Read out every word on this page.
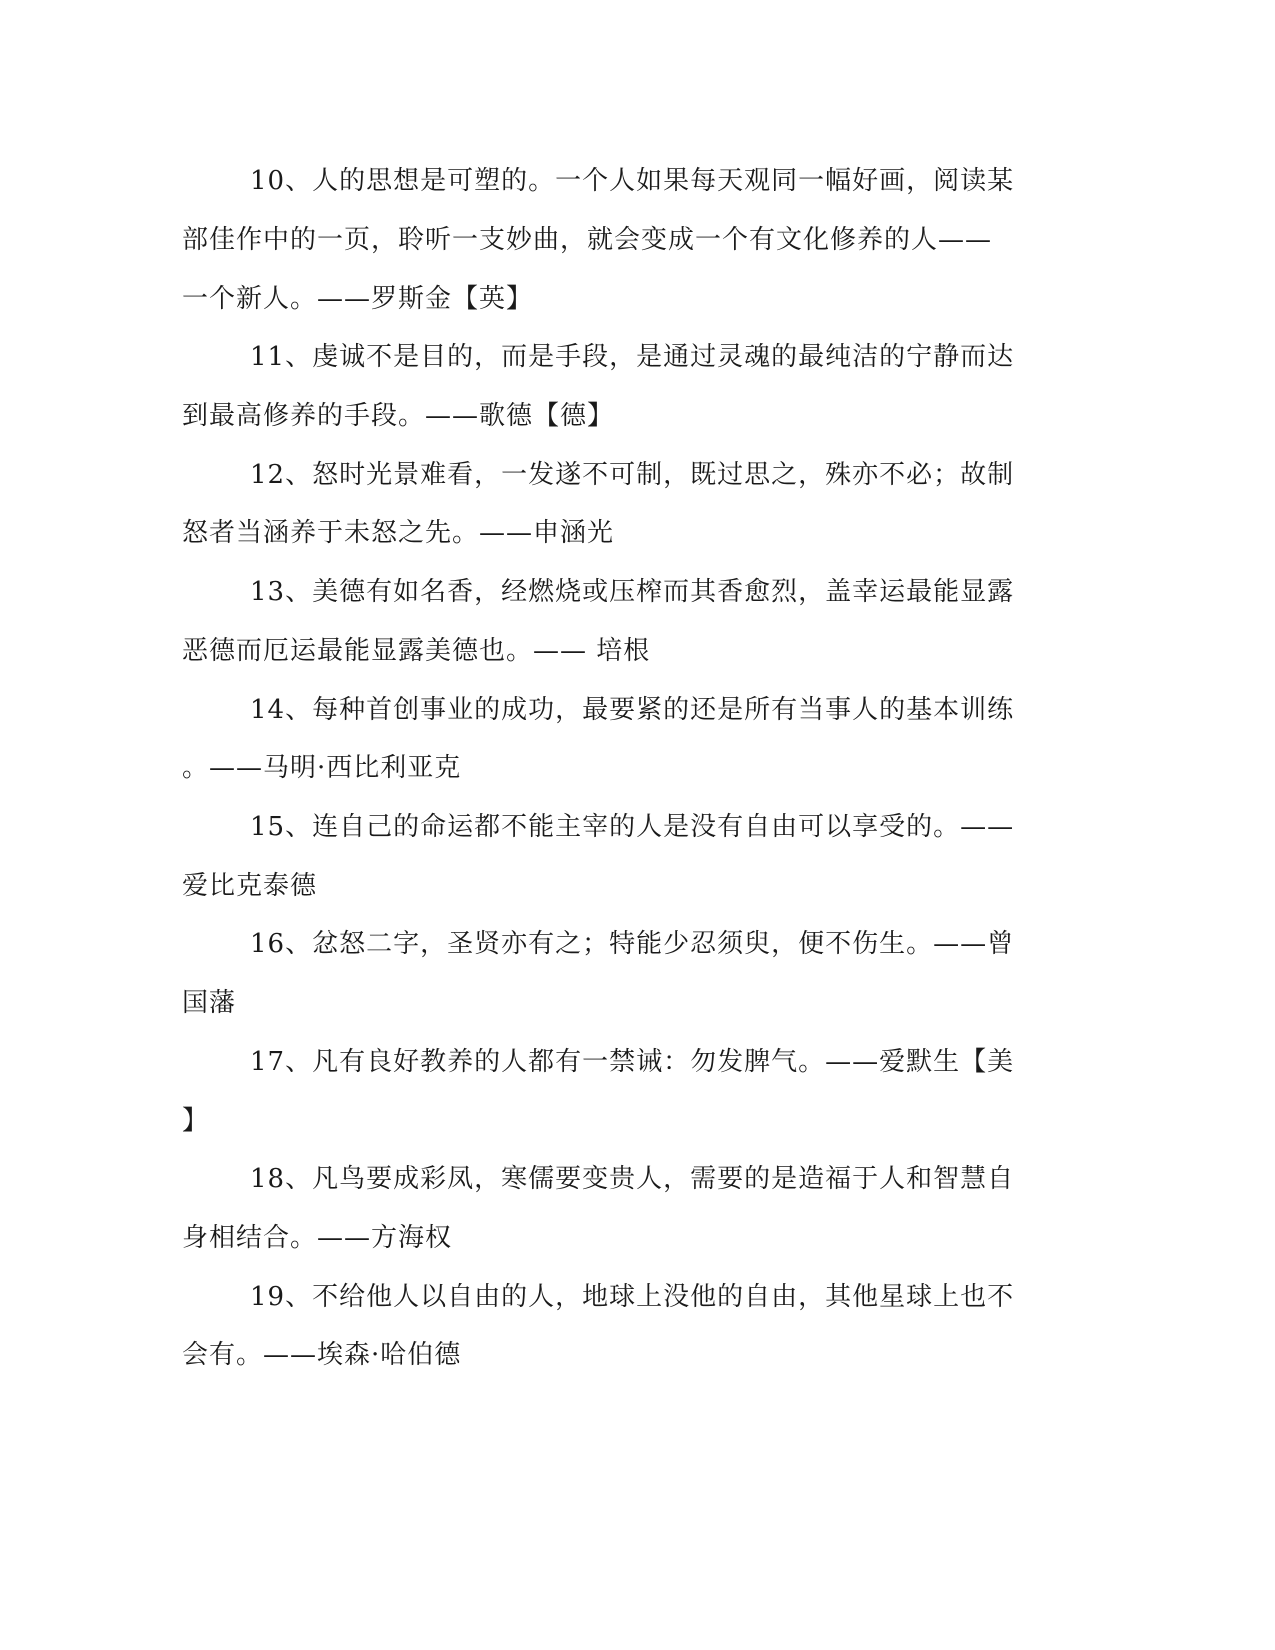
10、人的思想是可塑的。一个人如果每天观同一幅好画，阅读某
部佳作中的一页，聆听一支妙曲，就会变成一个有文化修养的人——
一个新人。——罗斯金【英】
11、虔诚不是目的，而是手段，是通过灵魂的最纯洁的宁静而达
到最高修养的手段。——歌德【德】
12、怒时光景难看，一发遂不可制，既过思之，殊亦不必；故制
怒者当涵养于未怒之先。——申涵光
13、美德有如名香，经燃烧或压榨而其香愈烈，盖幸运最能显露
恶德而厄运最能显露美德也。—— 培根
14、每种首创事业的成功，最要紧的还是所有当事人的基本训练
。——马明·西比利亚克
15、连自己的命运都不能主宰的人是没有自由可以享受的。——
爱比克泰德
16、忿怒二字，圣贤亦有之；特能少忍须臾，便不伤生。——曾
国藩
17、凡有良好教养的人都有一禁诫：勿发脾气。——爱默生【美
】
18、凡鸟要成彩凤，寒儒要变贵人，需要的是造福于人和智慧自
身相结合。——方海权
19、不给他人以自由的人，地球上没他的自由，其他星球上也不
会有。——埃森·哈伯德
